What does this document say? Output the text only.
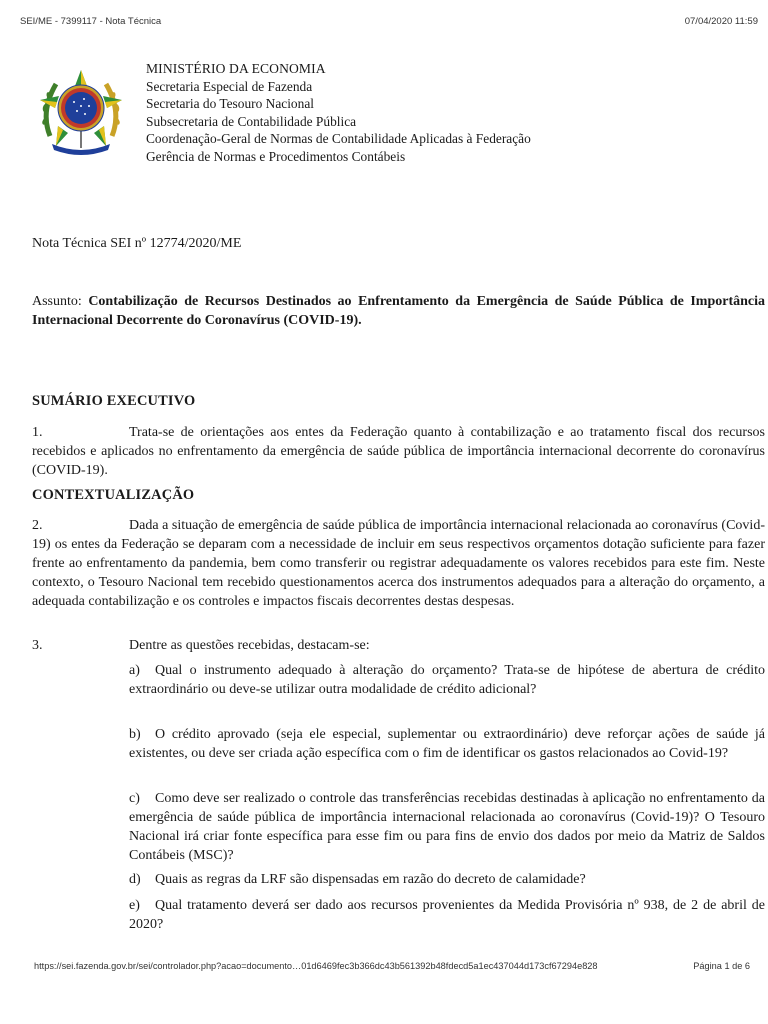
SEI/ME - 7399117 - Nota Técnica	07/04/2020 11:59
MINISTÉRIO DA ECONOMIA
Secretaria Especial de Fazenda
Secretaria do Tesouro Nacional
Subsecretaria de Contabilidade Pública
Coordenação-Geral de Normas de Contabilidade Aplicadas à Federação
Gerência de Normas e Procedimentos Contábeis
Nota Técnica SEI nº 12774/2020/ME
Assunto: Contabilização de Recursos Destinados ao Enfrentamento da Emergência de Saúde Pública de Importância Internacional Decorrente do Coronavírus (COVID-19).
SUMÁRIO EXECUTIVO
1.	Trata-se de orientações aos entes da Federação quanto à contabilização e ao tratamento fiscal dos recursos recebidos e aplicados no enfrentamento da emergência de saúde pública de importância internacional decorrente do coronavírus (COVID-19).
CONTEXTUALIZAÇÃO
2.	Dada a situação de emergência de saúde pública de importância internacional relacionada ao coronavírus (Covid-19) os entes da Federação se deparam com a necessidade de incluir em seus respectivos orçamentos dotação suficiente para fazer frente ao enfrentamento da pandemia, bem como transferir ou registrar adequadamente os valores recebidos para este fim. Neste contexto, o Tesouro Nacional tem recebido questionamentos acerca dos instrumentos adequados para a alteração do orçamento, a adequada contabilização e os controles e impactos fiscais decorrentes destas despesas.
3.	Dentre as questões recebidas, destacam-se:
a) Qual o instrumento adequado à alteração do orçamento? Trata-se de hipótese de abertura de crédito extraordinário ou deve-se utilizar outra modalidade de crédito adicional?
b) O crédito aprovado (seja ele especial, suplementar ou extraordinário) deve reforçar ações de saúde já existentes, ou deve ser criada ação específica com o fim de identificar os gastos relacionados ao Covid-19?
c) Como deve ser realizado o controle das transferências recebidas destinadas à aplicação no enfrentamento da emergência de saúde pública de importância internacional relacionada ao coronavírus (Covid-19)? O Tesouro Nacional irá criar fonte específica para esse fim ou para fins de envio dos dados por meio da Matriz de Saldos Contábeis (MSC)?
d) Quais as regras da LRF são dispensadas em razão do decreto de calamidade?
e) Qual tratamento deverá ser dado aos recursos provenientes da Medida Provisória nº 938, de 2 de abril de 2020?
https://sei.fazenda.gov.br/sei/controlador.php?acao=documento…01d6469fec3b366dc43b561392b48fdecd5a1ec437044d173cf67294e828	Página 1 de 6
